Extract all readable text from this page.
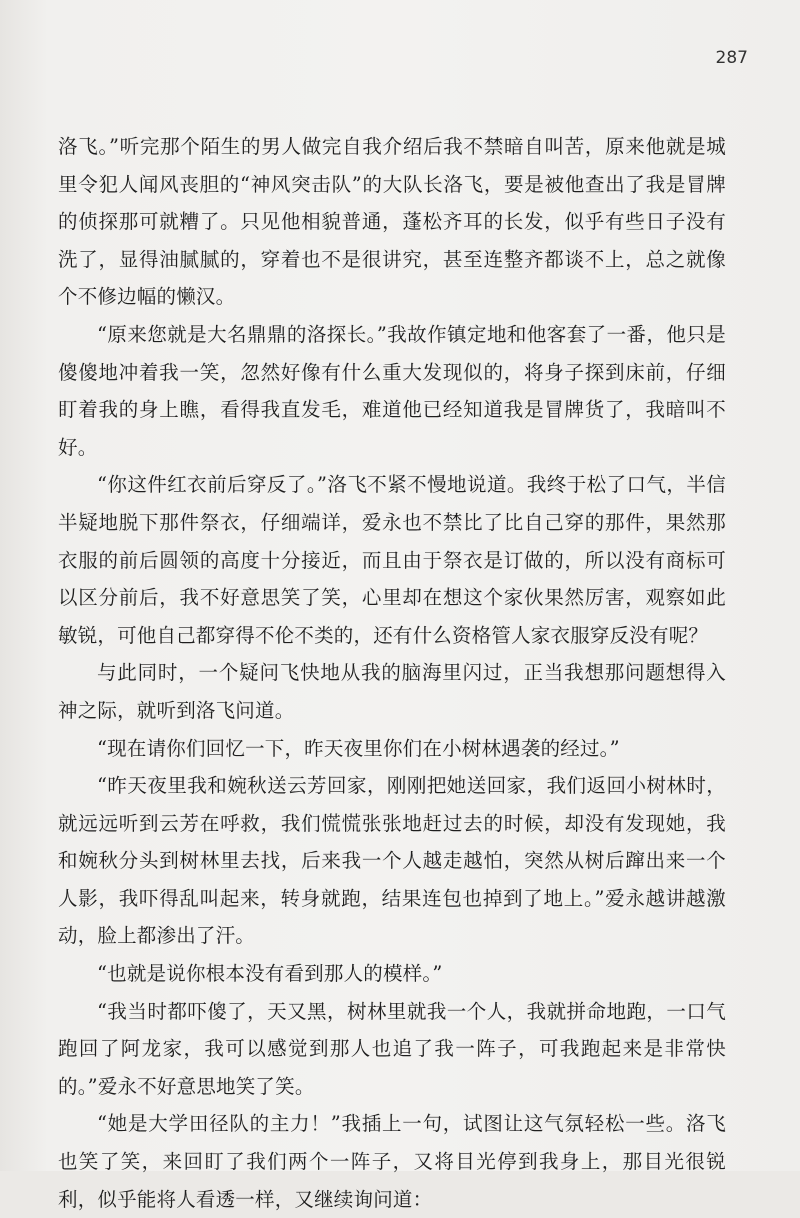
287

洛飞。”听完那个陌生的男人做完自我介绍后我不禁暗自叫苦，原来他就是城里令犯人闻风丧胆的“神风突击队”的大队长洛飞，要是被他查出了我是冒牌的侦探那可就糟了。只见他相貌普通，蓬松齐耳的长发，似乎有些日子没有洗了，显得油腻腻的，穿着也不是很讲究，甚至连整齐都谈不上，总之就像个不修边幅的懒汉。

“原来您就是大名鼎鼎的洛探长。”我故作镇定地和他客套了一番，他只是傻傻地冲着我一笑，忽然好像有什么重大发现似的，将身子探到床前，仔细盯着我的身上瞧，看得我直发毛，难道他已经知道我是冒牌货了，我暗叫不好。

“你这件红衣前后穿反了。”洛飞不紧不慢地说道。我终于松了口气，半信半疑地脱下那件祭衣，仔细端详，爱永也不禁比了比自己穿的那件，果然那衣服的前后圆领的高度十分接近，而且由于祭衣是订做的，所以没有商标可以区分前后，我不好意思笑了笑，心里却在想这个家伙果然厉害，观察如此敏锐，可他自己都穿得不伦不类的，还有什么资格管人家衣服穿反没有呢？

与此同时，一个疑问飞快地从我的脑海里闪过，正当我想那问题想得入神之际，就听到洛飞问道。

“现在请你们回忆一下，昨天夜里你们在小树林遇袭的经过。”

“昨天夜里我和婉秋送云芳回家，刚刚把她送回家，我们返回小树林时，就远远听到云芳在呼救，我们慌慌张张地赶过去的时候，却没有发现她，我和婉秋分头到树林里去找，后来我一个人越走越怕，突然从树后蹿出来一个人影，我吓得乱叫起来，转身就跑，结果连包也掉到了地上。”爱永越讲越激动，脸上都渗出了汗。

“也就是说你根本没有看到那人的模样。”

“我当时都吓傻了，天又黑，树林里就我一个人，我就拼命地跑，一口气跑回了阿龙家，我可以感觉到那人也追了我一阵子，可我跑起来是非常快的。”爱永不好意思地笑了笑。

“她是大学田径队的主力！”我插上一句，试图让这气氛轻松一些。洛飞也笑了笑，来回盯了我们两个一阵子，又将目光停到我身上，那目光很锐利，似乎能将人看透一样，又继续询问道：
